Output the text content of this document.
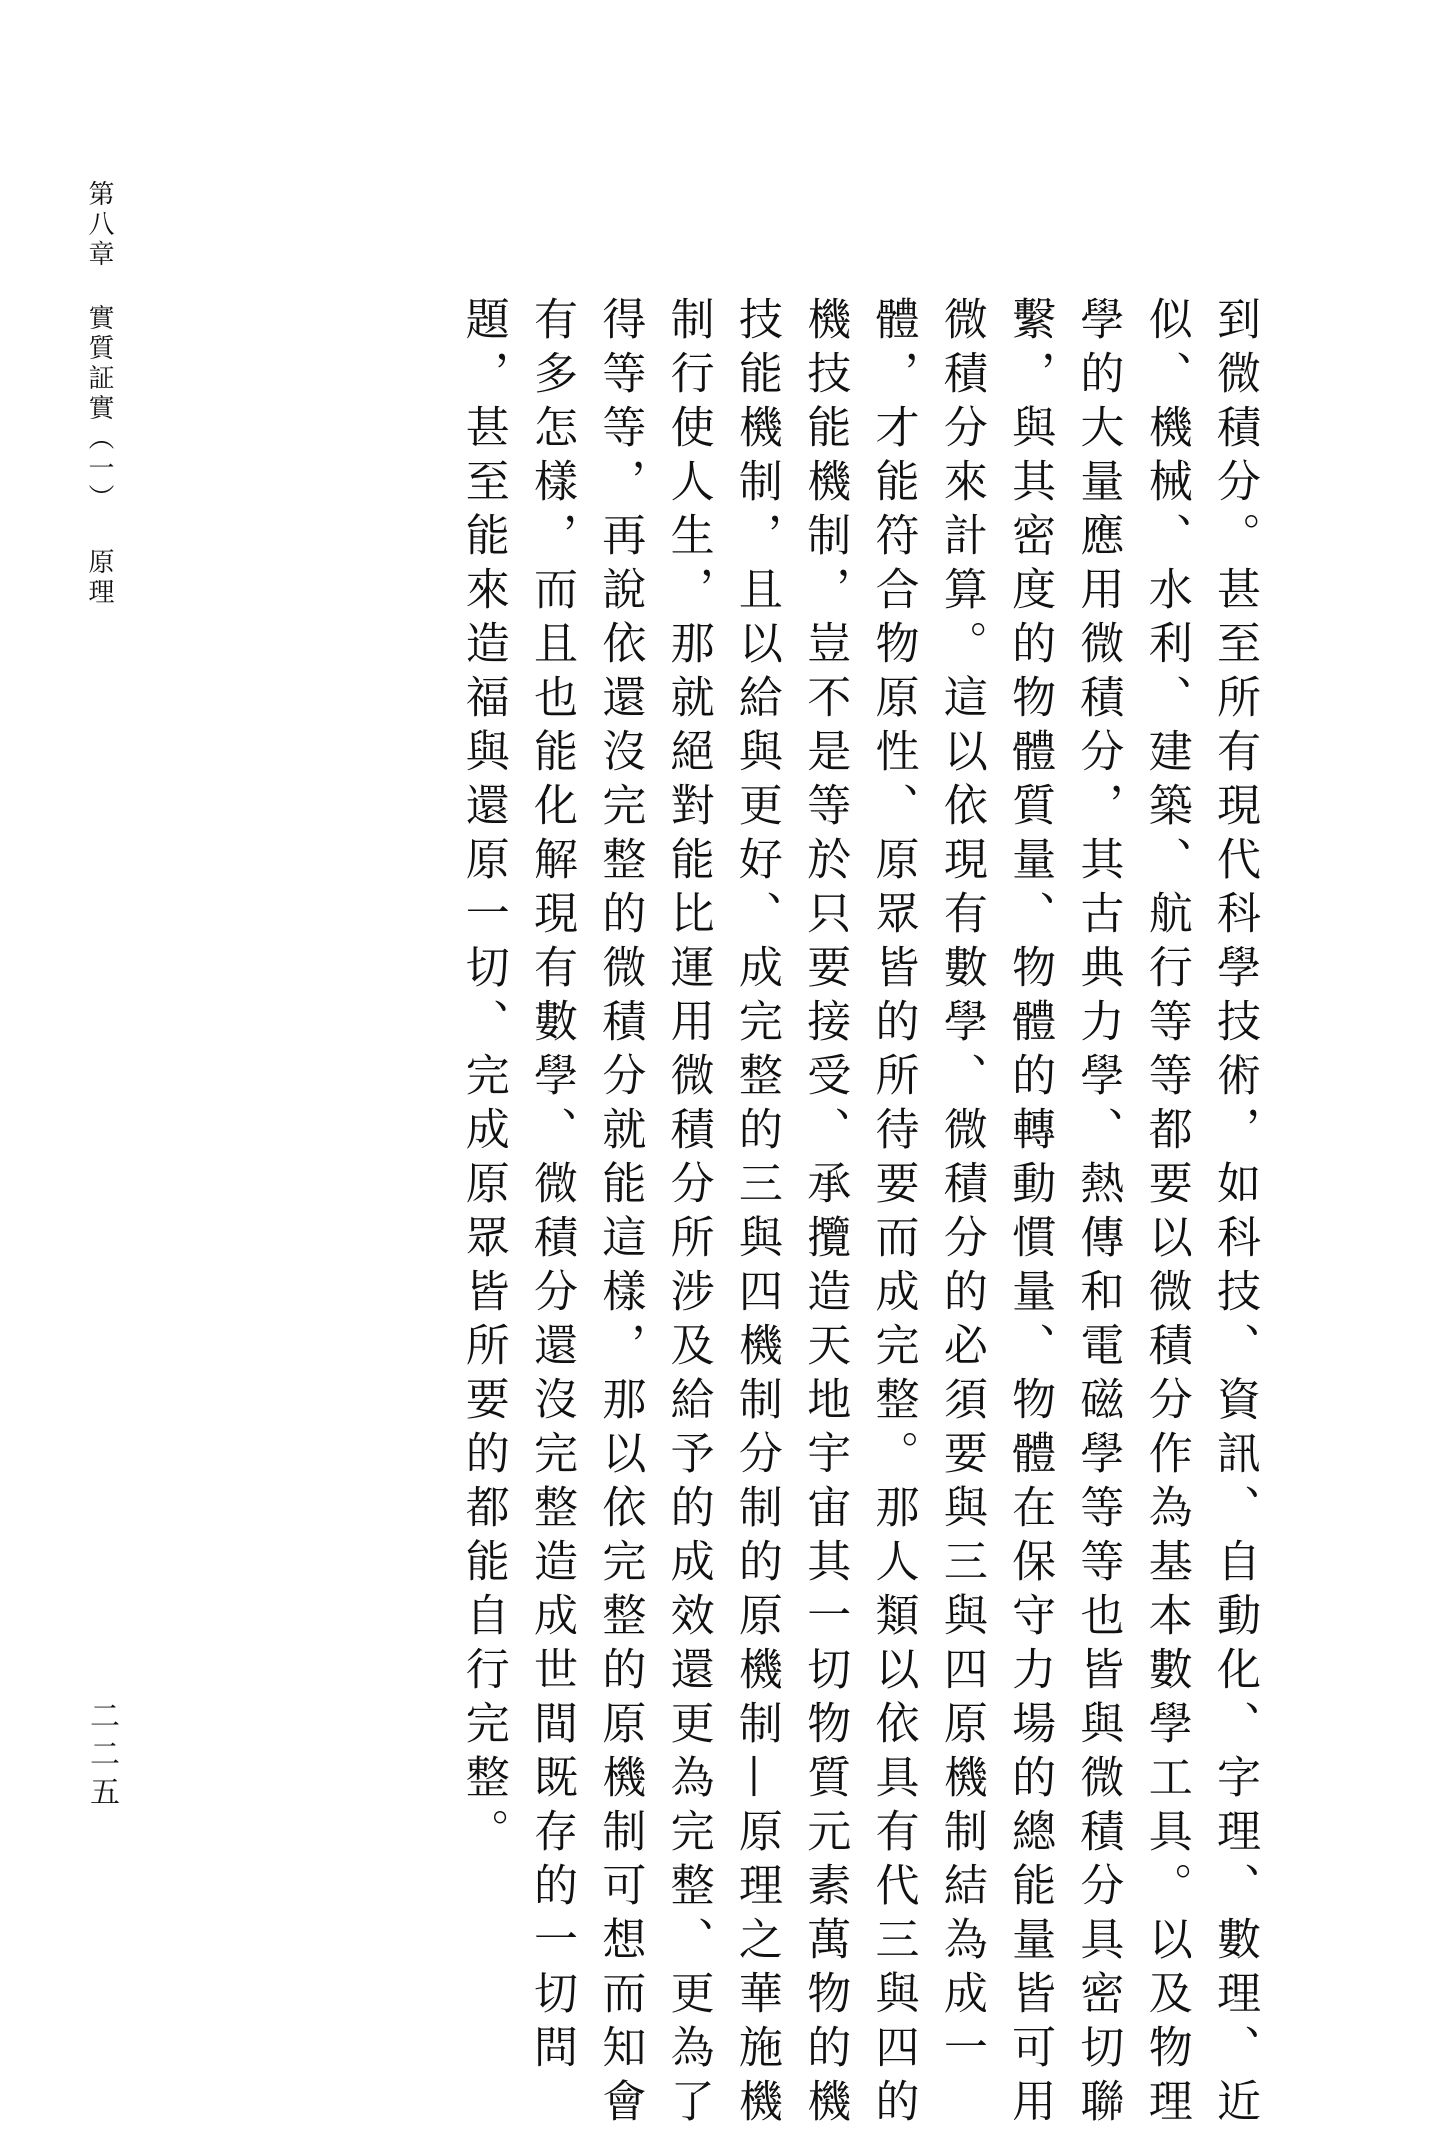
第八章實質証實（一）原理
二二五	到微積分。甚至所有現代科學技術，如科技、資訊、自動化、字理、數理、近
似、機械、水利、建築、航行等等都要以微積分作為基本數學工具。以及物理
學的大量應用微積分，其古典力學、熱傳和電磁學等等也皆與微積分具密切聯
繫，與其密度的物體質量、物體的轉動慣量、物體在保守力場的總能量皆可用
微積分來計算。這以依現有數學、微積分的必須要與三與四原機制結為成一
體，才能符合物原性、原眾皆的所待要而成完整。那人類以依具有代三與四的
機技能機制，豈不是等於只要接受、承攬造天地宇宙其一切物質元素萬物的機
技能機制，且以給與更好、成完整的三與四機制分制的原機制—原理之華施機
制行使人生，那就絕對能比運用微積分所涉及給予的成效還更為完整、更為了
得等等，再說依還沒完整的微積分就能這樣，那以依完整的原機制可想而知會
有多怎樣，而且也能化解現有數學、微積分還沒完整造成世間既存的一切問
題，甚至能來造福與還原一切、完成原眾皆所要的都能自行完整。
